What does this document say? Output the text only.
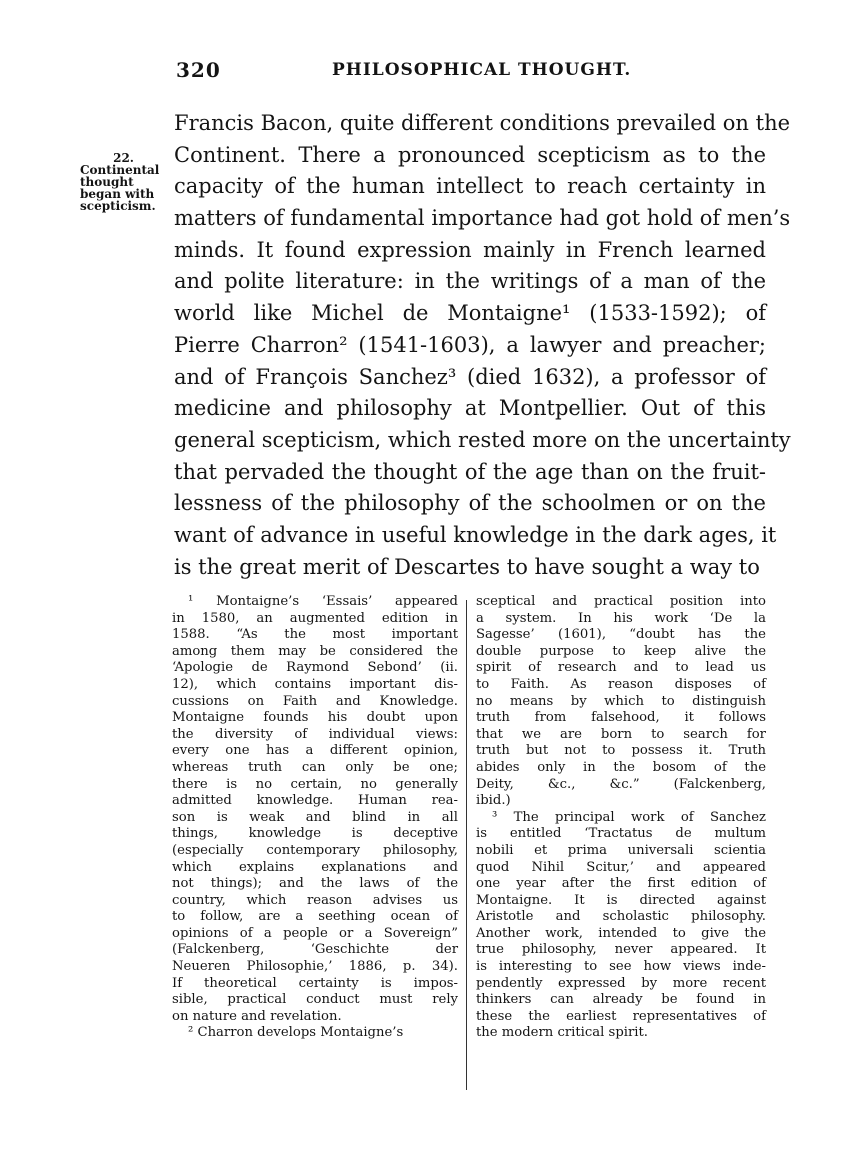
320	PHILOSOPHICAL THOUGHT.
22.
Continental
thought
began with
scepticism.
Francis Bacon, quite different conditions prevailed on the
Continent. There a pronounced scepticism as to the
capacity of the human intellect to reach certainty in
matters of fundamental importance had got hold of men’s
minds. It found expression mainly in French learned
and polite literature: in the writings of a man of the
world like Michel de Montaigne¹ (1533-1592); of
Pierre Charron² (1541-1603), a lawyer and preacher;
and of François Sanchez³ (died 1632), a professor of
medicine and philosophy at Montpellier. Out of this
general scepticism, which rested more on the uncertainty
that pervaded the thought of the age than on the fruit-
lessness of the philosophy of the schoolmen or on the
want of advance in useful knowledge in the dark ages, it
is the great merit of Descartes to have sought a way to
¹ Montaigne’s ‘Essais’ appeared
in 1580, an augmented edition in
1588. “As the most important
among them may be considered the
‘Apologie de Raymond Sebond’ (ii.
12), which contains important dis-
cussions on Faith and Knowledge.
Montaigne founds his doubt upon
the diversity of individual views:
every one has a different opinion,
whereas truth can only be one;
there is no certain, no generally
admitted knowledge. Human rea-
son is weak and blind in all
things, knowledge is deceptive
(especially contemporary philosophy,
which explains explanations and
not things); and the laws of the
country, which reason advises us
to follow, are a seething ocean of
opinions of a people or a Sovereign”
(Falckenberg, ‘Geschichte der
Neueren Philosophie,’ 1886, p. 34).
If theoretical certainty is impos-
sible, practical conduct must rely
on nature and revelation.
² Charron develops Montaigne’s
sceptical and practical position into
a system. In his work ‘De la
Sagesse’ (1601), “doubt has the
double purpose to keep alive the
spirit of research and to lead us
to Faith. As reason disposes of
no means by which to distinguish
truth from falsehood, it follows
that we are born to search for
truth but not to possess it. Truth
abides only in the bosom of the
Deity, &c., &c.” (Falckenberg,
ibid.)
³ The principal work of Sanchez
is entitled ‘Tractatus de multum
nobili et prima universali scientia
quod Nihil Scitur,’ and appeared
one year after the first edition of
Montaigne. It is directed against
Aristotle and scholastic philosophy.
Another work, intended to give the
true philosophy, never appeared. It
is interesting to see how views inde-
pendently expressed by more recent
thinkers can already be found in
these the earliest representatives of
the modern critical spirit.
